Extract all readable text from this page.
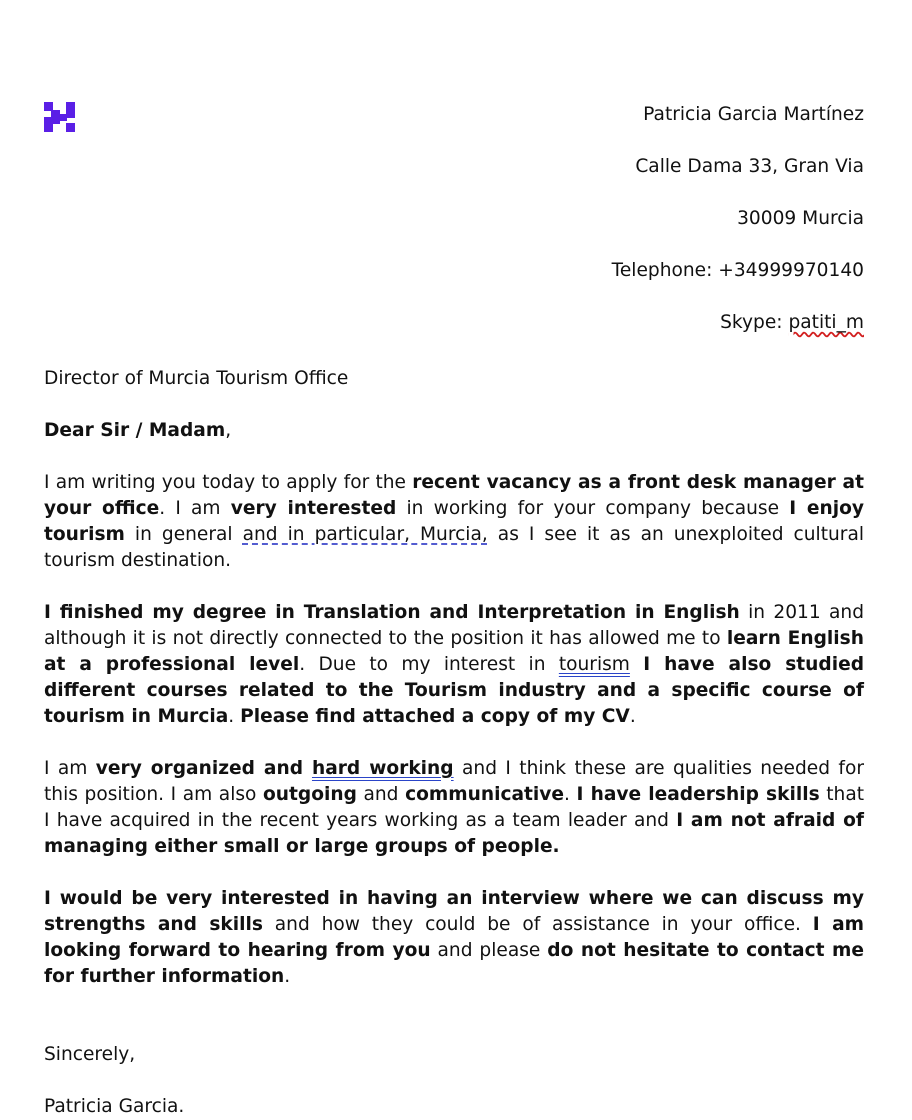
Patricia Garcia Martínez
Calle Dama 33, Gran Via
30009 Murcia
Telephone: +34999970140
Skype: patiti_m

Director of Murcia Tourism Office

Dear Sir / Madam,

I am writing you today to apply for the recent vacancy as a front desk manager at your office. I am very interested in working for your company because I enjoy tourism in general and in particular, Murcia, as I see it as an unexploited cultural tourism destination.

I finished my degree in Translation and Interpretation in English in 2011 and although it is not directly connected to the position it has allowed me to learn English at a professional level. Due to my interest in tourism I have also studied different courses related to the Tourism industry and a specific course of tourism in Murcia. Please find attached a copy of my CV.

I am very organized and hard working and I think these are qualities needed for this position. I am also outgoing and communicative. I have leadership skills that I have acquired in the recent years working as a team leader and I am not afraid of managing either small or large groups of people.

I would be very interested in having an interview where we can discuss my strengths and skills and how they could be of assistance in your office. I am looking forward to hearing from you and please do not hesitate to contact me for further information.

Sincerely,

Patricia Garcia.
